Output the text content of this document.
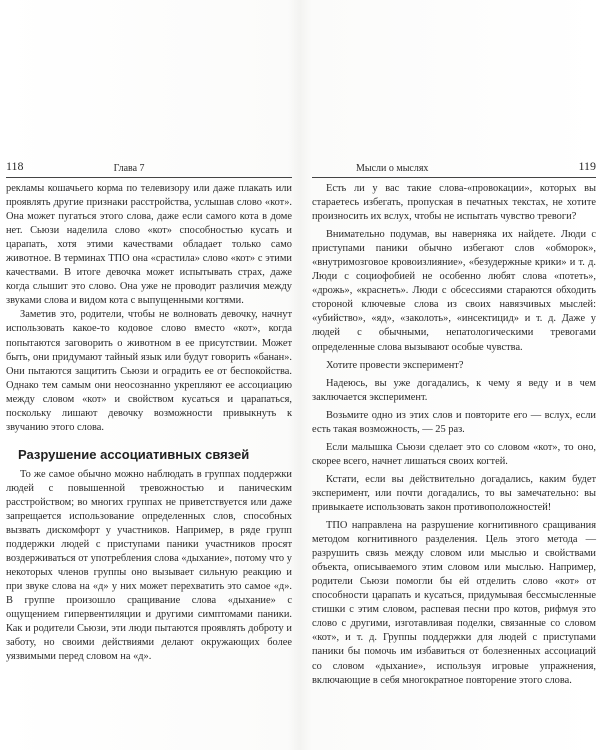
118	Глава 7

рекламы кошачьего корма по телевизору или даже плакать или проявлять другие признаки расстройства, услышав слово «кот». Она может пугаться этого слова, даже если самого кота в доме нет. Сьюзи наделила слово «кот» способностью кусать и царапать, хотя этими качествами обладает только само животное. В терминах ТПО она «срастила» слово «кот» с этими качествами. В итоге девочка может испытывать страх, даже когда слышит это слово. Она уже не проводит различия между звуками слова и видом кота с выпущенными когтями.

Заметив это, родители, чтобы не волновать девочку, начнут использовать какое-то кодовое слово вместо «кот», когда попытаются заговорить о животном в ее присутствии. Может быть, они придумают тайный язык или будут говорить «банан». Они пытаются защитить Сьюзи и оградить ее от беспокойства. Однако тем самым они неосознанно укрепляют ее ассоциацию между словом «кот» и свойством кусаться и царапаться, поскольку лишают девочку возможности привыкнуть к звучанию этого слова.

Разрушение ассоциативных связей

То же самое обычно можно наблюдать в группах поддержки людей с повышенной тревожностью и паническим расстройством; во многих группах не приветствуется или даже запрещается использование определенных слов, способных вызвать дискомфорт у участников. Например, в ряде групп поддержки людей с приступами паники участников просят воздерживаться от употребления слова «дыхание», потому что у некоторых членов группы оно вызывает сильную реакцию и при звуке слова на «д» у них может перехватить это самое «д». В группе произошло сращивание слова «дыхание» с ощущением гипервентиляции и другими симптомами паники. Как и родители Сьюзи, эти люди пытаются проявлять доброту и заботу, но своими действиями делают окружающих более уязвимыми перед словом на «д».

Мысли о мыслях	119

Есть ли у вас такие слова-«провокации», которых вы стараетесь избегать, пропуская в печатных текстах, не хотите произносить их вслух, чтобы не испытать чувство тревоги?

Внимательно подумав, вы наверняка их найдете. Люди с приступами паники обычно избегают слов «обморок», «внутримозговое кровоизлияние», «безудержные крики» и т. д. Люди с социофобией не особенно любят слова «потеть», «дрожь», «краснеть». Люди с обсессиями стараются обходить стороной ключевые слова из своих навязчивых мыслей: «убийство», «яд», «заколоть», «инсектицид» и т. д. Даже у людей с обычными, непатологическими тревогами определенные слова вызывают особые чувства.

Хотите провести эксперимент?

Надеюсь, вы уже догадались, к чему я веду и в чем заключается эксперимент.

Возьмите одно из этих слов и повторите его — вслух, если есть такая возможность, — 25 раз.

Если малышка Сьюзи сделает это со словом «кот», то оно, скорее всего, начнет лишаться своих когтей.

Кстати, если вы действительно догадались, каким будет эксперимент, или почти догадались, то вы замечательно: вы привыкаете использовать закон противоположностей!

ТПО направлена на разрушение когнитивного сращивания методом когнитивного разделения. Цель этого метода — разрушить связь между словом или мыслью и свойствами объекта, описываемого этим словом или мыслью. Например, родители Сьюзи помогли бы ей отделить слово «кот» от способности царапать и кусаться, придумывая бессмысленные стишки с этим словом, распевая песни про котов, рифмуя это слово с другими, изготавливая поделки, связанные со словом «кот», и т. д. Группы поддержки для людей с приступами паники бы помочь им избавиться от болезненных ассоциаций со словом «дыхание», используя игровые упражнения, включающие в себя многократное повторение этого слова.
